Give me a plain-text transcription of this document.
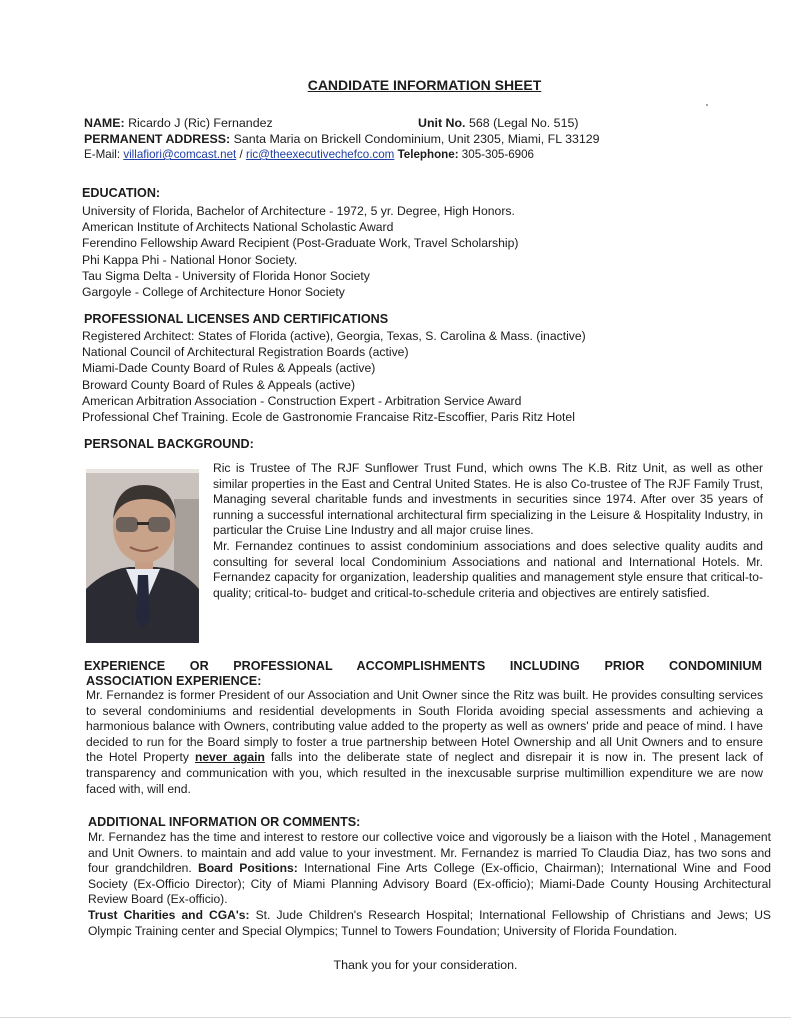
CANDIDATE INFORMATION SHEET
NAME: Ricardo J (Ric) Fernandez	Unit No. 568 (Legal No. 515)
PERMANENT ADDRESS: Santa Maria on Brickell Condominium, Unit 2305, Miami, FL 33129
E-Mail: villafiori@comcast.net / ric@theexecutivechefco.com Telephone: 305-305-6906
EDUCATION:
University of Florida, Bachelor of Architecture - 1972, 5 yr. Degree, High Honors.
American Institute of Architects National Scholastic Award
Ferendino Fellowship Award Recipient (Post-Graduate Work, Travel Scholarship)
Phi Kappa Phi - National Honor Society.
Tau Sigma Delta - University of Florida Honor Society
Gargoyle - College of Architecture Honor Society
PROFESSIONAL LICENSES AND CERTIFICATIONS
Registered Architect: States of Florida (active), Georgia, Texas, S. Carolina & Mass. (inactive)
National Council of Architectural Registration Boards (active)
Miami-Dade County Board of Rules & Appeals (active)
Broward County Board of Rules & Appeals (active)
American Arbitration Association - Construction Expert - Arbitration Service Award
Professional Chef Training. Ecole de Gastronomie Francaise Ritz-Escoffier, Paris Ritz Hotel
PERSONAL BACKGROUND:

Ric is Trustee of The RJF Sunflower Trust Fund, which owns The K.B. Ritz Unit, as well as other similar properties in the East and Central United States. He is also Co-trustee of The RJF Family Trust, Managing several charitable funds and investments in securities since 1974. After over 35 years of running a successful international architectural firm specializing in the Leisure & Hospitality Industry, in particular the Cruise Line Industry and all major cruise lines.

Mr. Fernandez continues to assist condominium associations and does selective quality audits and consulting for several local Condominium Associations and national and International Hotels. Mr. Fernandez capacity for organization, leadership qualities and management style ensure that critical-to-quality; critical-to- budget and critical-to-schedule criteria and objectives are entirely satisfied.

EXPERIENCE OR PROFESSIONAL ACCOMPLISHMENTS INCLUDING PRIOR CONDOMINIUM
ASSOCIATION EXPERIENCE:

Mr. Fernandez is former President of our Association and Unit Owner since the Ritz was built. He provides consulting services to several condominiums and residential developments in South Florida avoiding special assessments and achieving a harmonious balance with Owners, contributing value added to the property as well as owners' pride and peace of mind. I have decided to run for the Board simply to foster a true partnership between Hotel Ownership and all Unit Owners and to ensure the Hotel Property never again falls into the deliberate state of neglect and disrepair it is now in. The present lack of transparency and communication with you, which resulted in the inexcusable surprise multimillion expenditure we are now faced with, will end.

ADDITIONAL INFORMATION OR COMMENTS:

Mr. Fernandez has the time and interest to restore our collective voice and vigorously be a liaison with the Hotel , Management and Unit Owners. to maintain and add value to your investment. Mr. Fernandez is married To Claudia Diaz, has two sons and four grandchildren. Board Positions: International Fine Arts College (Ex-officio, Chairman); International Wine and Food Society (Ex-Officio Director); City of Miami Planning Advisory Board (Ex-officio); Miami-Dade County Housing Architectural Review Board (Ex-officio).

Trust Charities and CGA's: St. Jude Children's Research Hospital; International Fellowship of Christians and Jews; US Olympic Training center and Special Olympics; Tunnel to Towers Foundation; University of Florida Foundation.

Thank you for your consideration.
